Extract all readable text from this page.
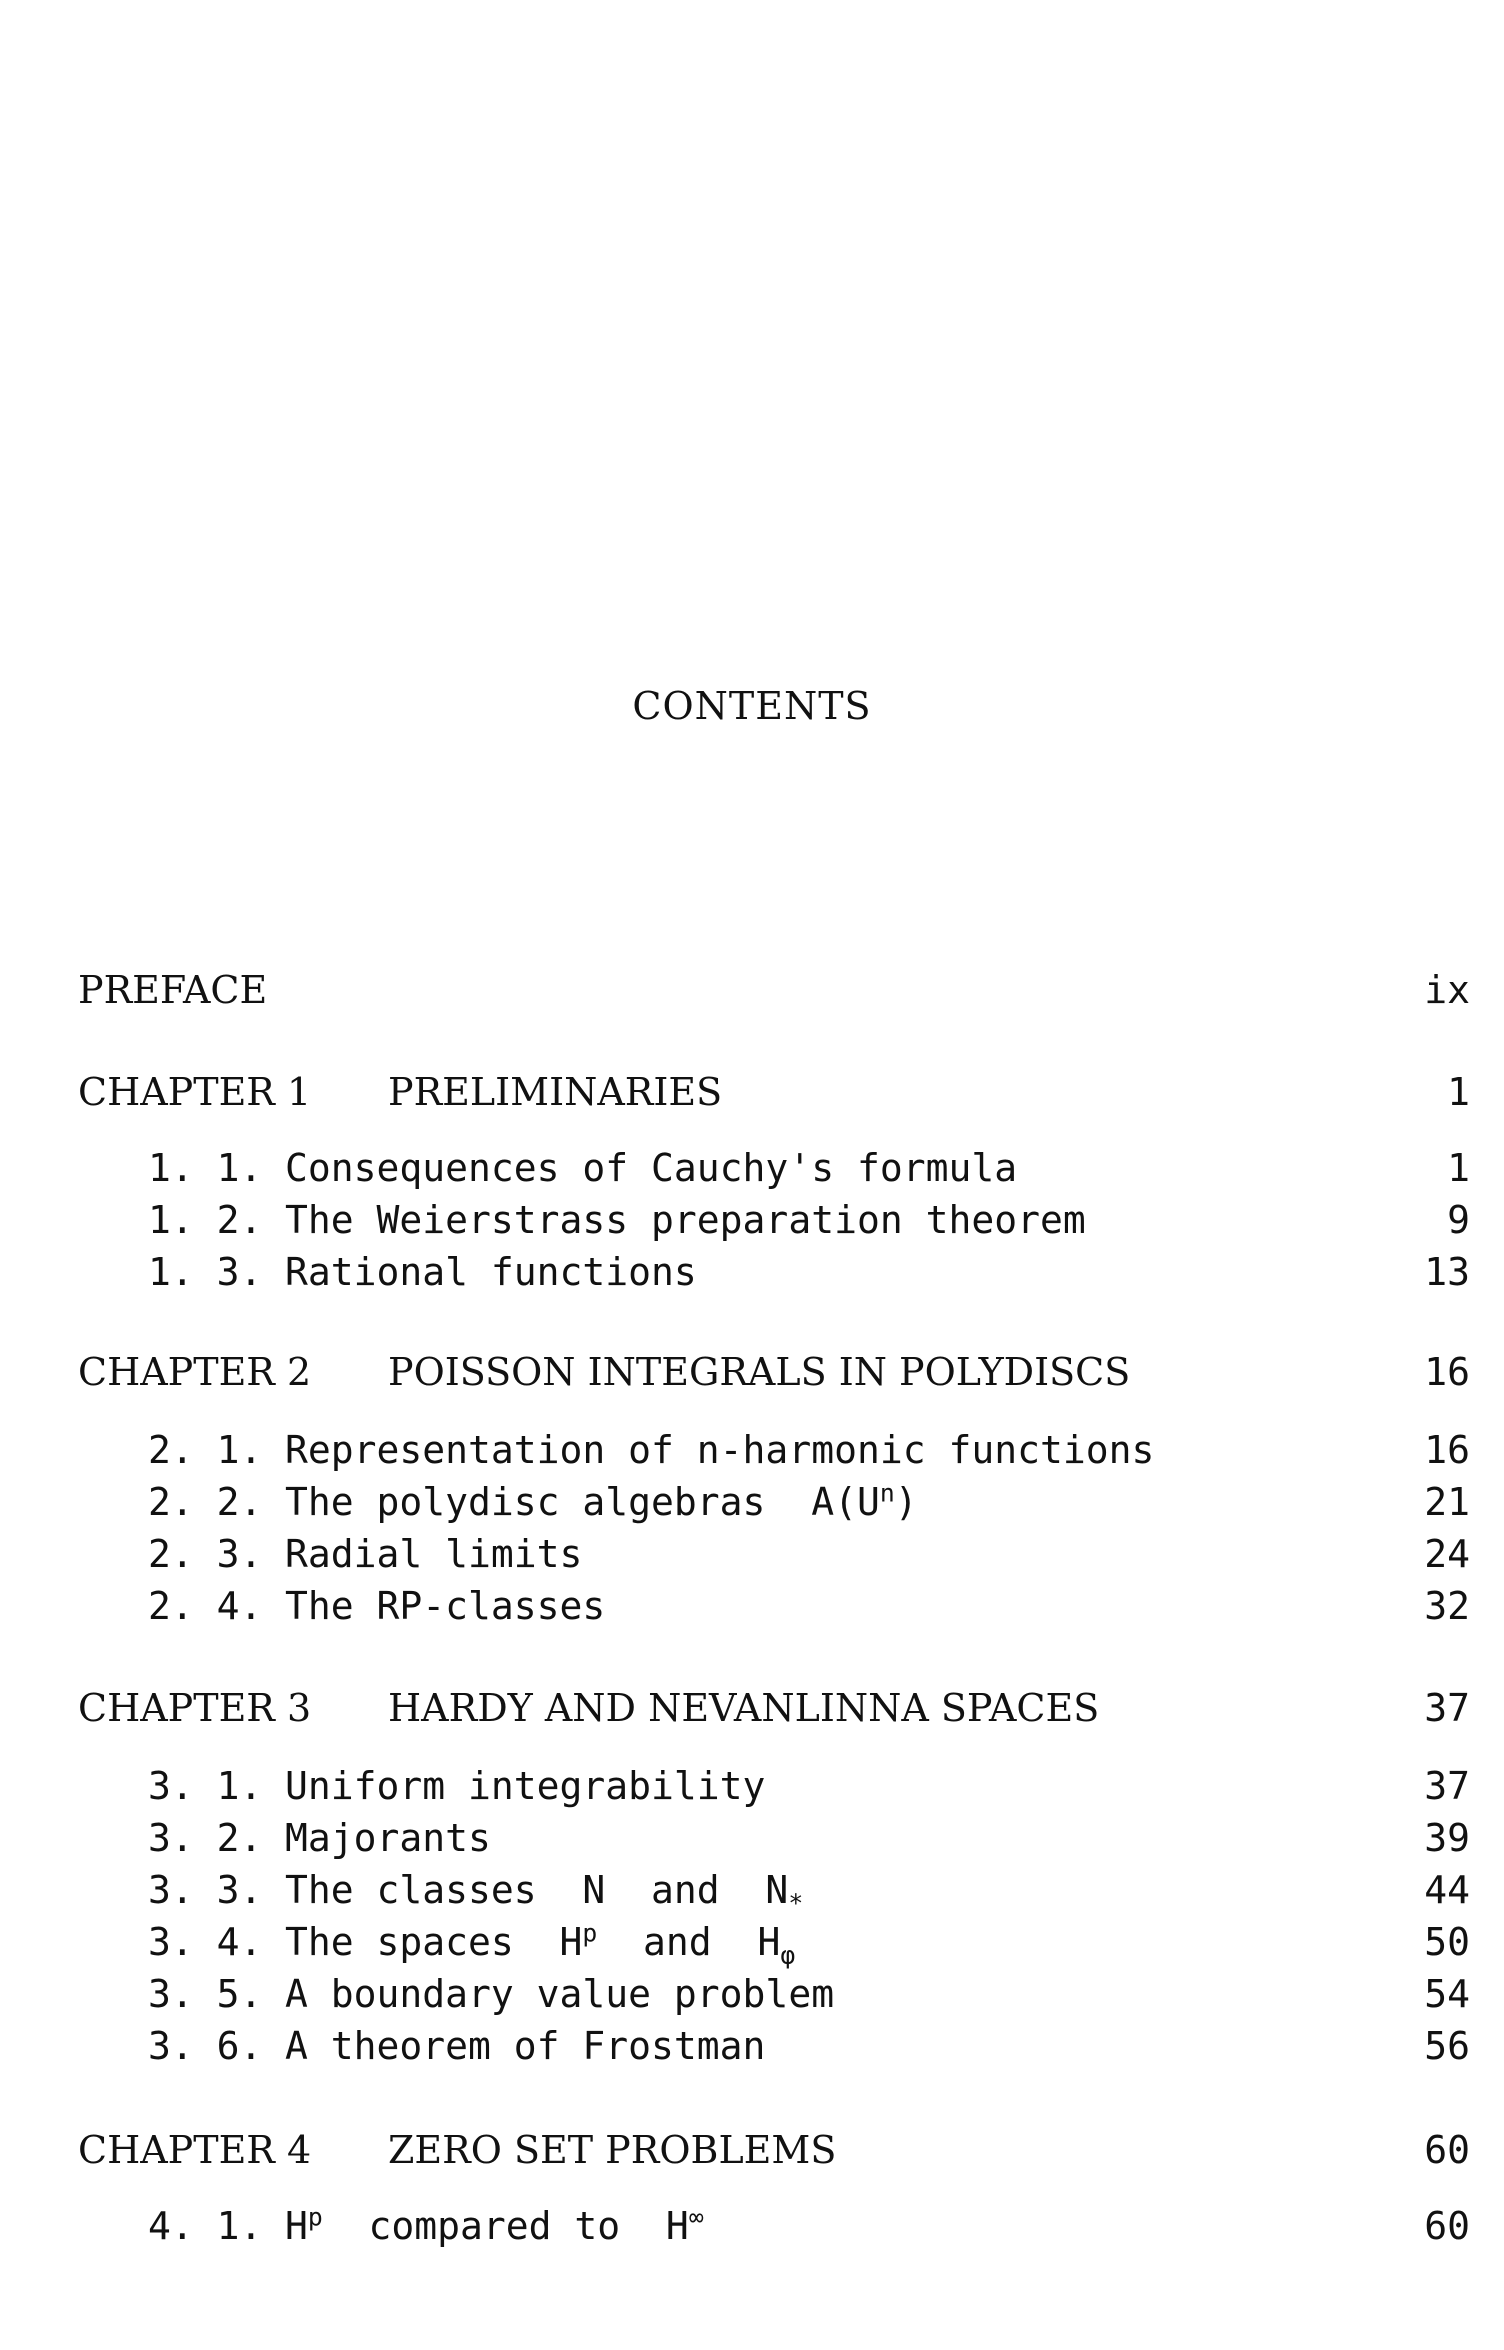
CONTENTS
PREFACE	ix
CHAPTER 1 PRELIMINARIES	1
1. 1. Consequences of Cauchy's formula	1
1. 2. The Weierstrass preparation theorem	9
1. 3. Rational functions	13
CHAPTER 2 POISSON INTEGRALS IN POLYDISCS	16
2. 1. Representation of n-harmonic functions	16
2. 2. The polydisc algebras  $A(U^n)$	21
2. 3. Radial limits	24
2. 4. The RP-classes	32
CHAPTER 3 HARDY AND NEVANLINNA SPACES	37
3. 1. Uniform integrability	37
3. 2. Majorants	39
3. 3. The classes  N  and  $N_*$	44
3. 4. The spaces  $H^p$  and  $H_\varphi$	50
3. 5. A boundary value problem	54
3. 6. A theorem of Frostman	56
CHAPTER 4 ZERO SET PROBLEMS	60
4. 1. $H^p$  compared to  H∞	60
